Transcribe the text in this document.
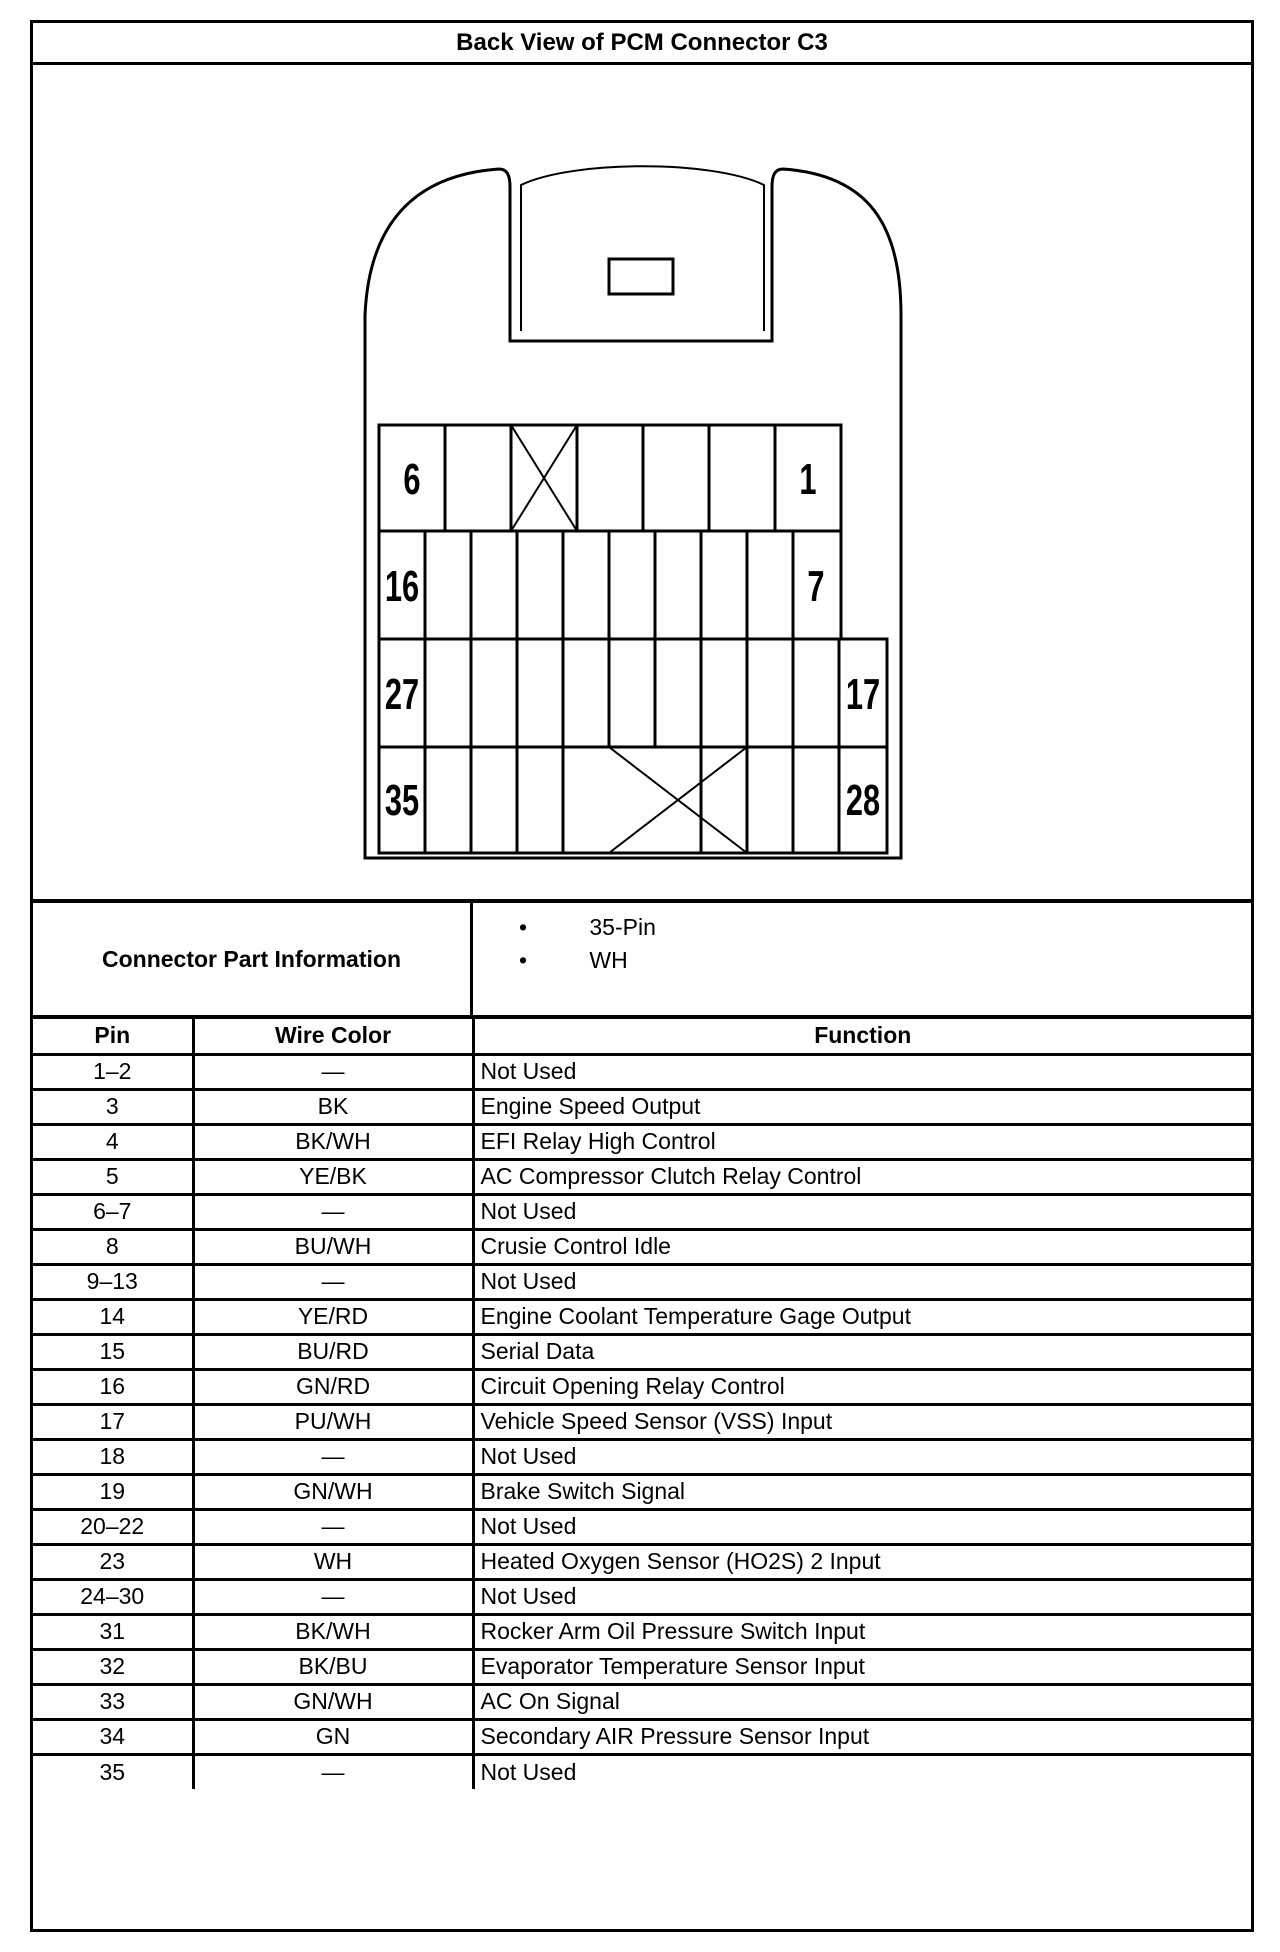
Back View of PCM Connector C3
6	1
16	7
27	17
35	28
Connector Part Information
•	35-Pin
•	WH
Pin	Wire Color	Function
1–2	—	Not Used
3	BK	Engine Speed Output
4	BK/WH	EFI Relay High Control
5	YE/BK	AC Compressor Clutch Relay Control
6–7	—	Not Used
8	BU/WH	Crusie Control Idle
9–13	—	Not Used
14	YE/RD	Engine Coolant Temperature Gage Output
15	BU/RD	Serial Data
16	GN/RD	Circuit Opening Relay Control
17	PU/WH	Vehicle Speed Sensor (VSS) Input
18	—	Not Used
19	GN/WH	Brake Switch Signal
20–22	—	Not Used
23	WH	Heated Oxygen Sensor (HO2S) 2 Input
24–30	—	Not Used
31	BK/WH	Rocker Arm Oil Pressure Switch Input
32	BK/BU	Evaporator Temperature Sensor Input
33	GN/WH	AC On Signal
34	GN	Secondary AIR Pressure Sensor Input
35	—	Not Used
